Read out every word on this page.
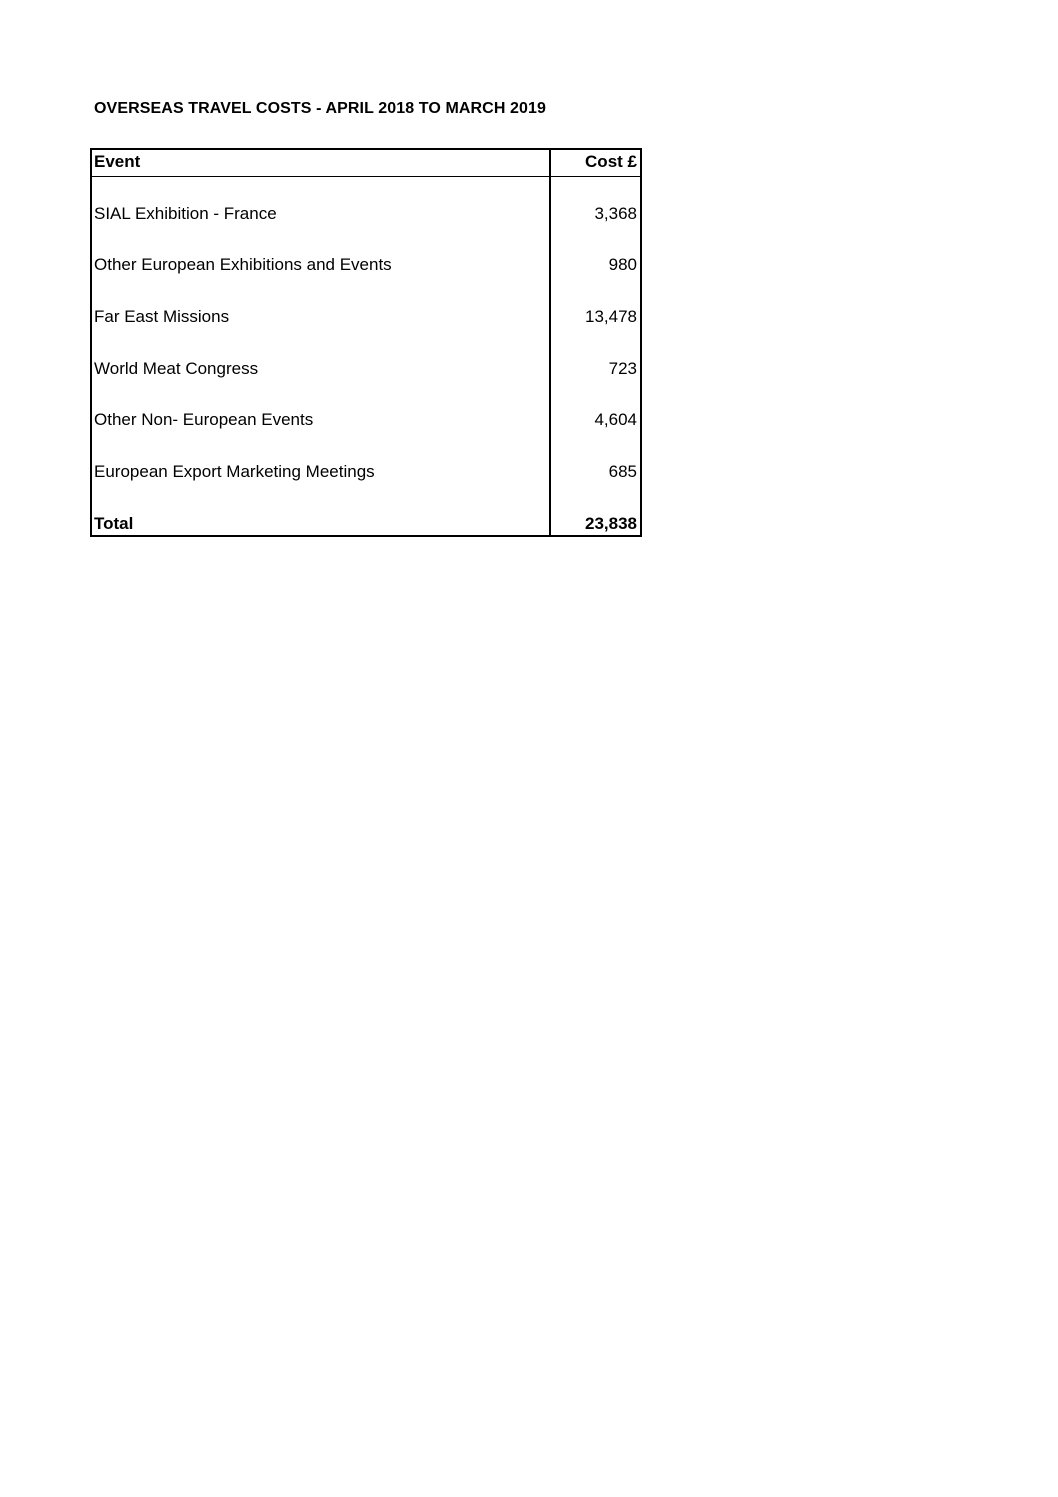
OVERSEAS TRAVEL COSTS - APRIL 2018 TO MARCH 2019
Event	Cost £
SIAL Exhibition - France	3,368
Other European Exhibitions and Events	980
Far East Missions	13,478
World Meat Congress	723
Other Non- European Events	4,604
European Export Marketing Meetings	685
Total	23,838
